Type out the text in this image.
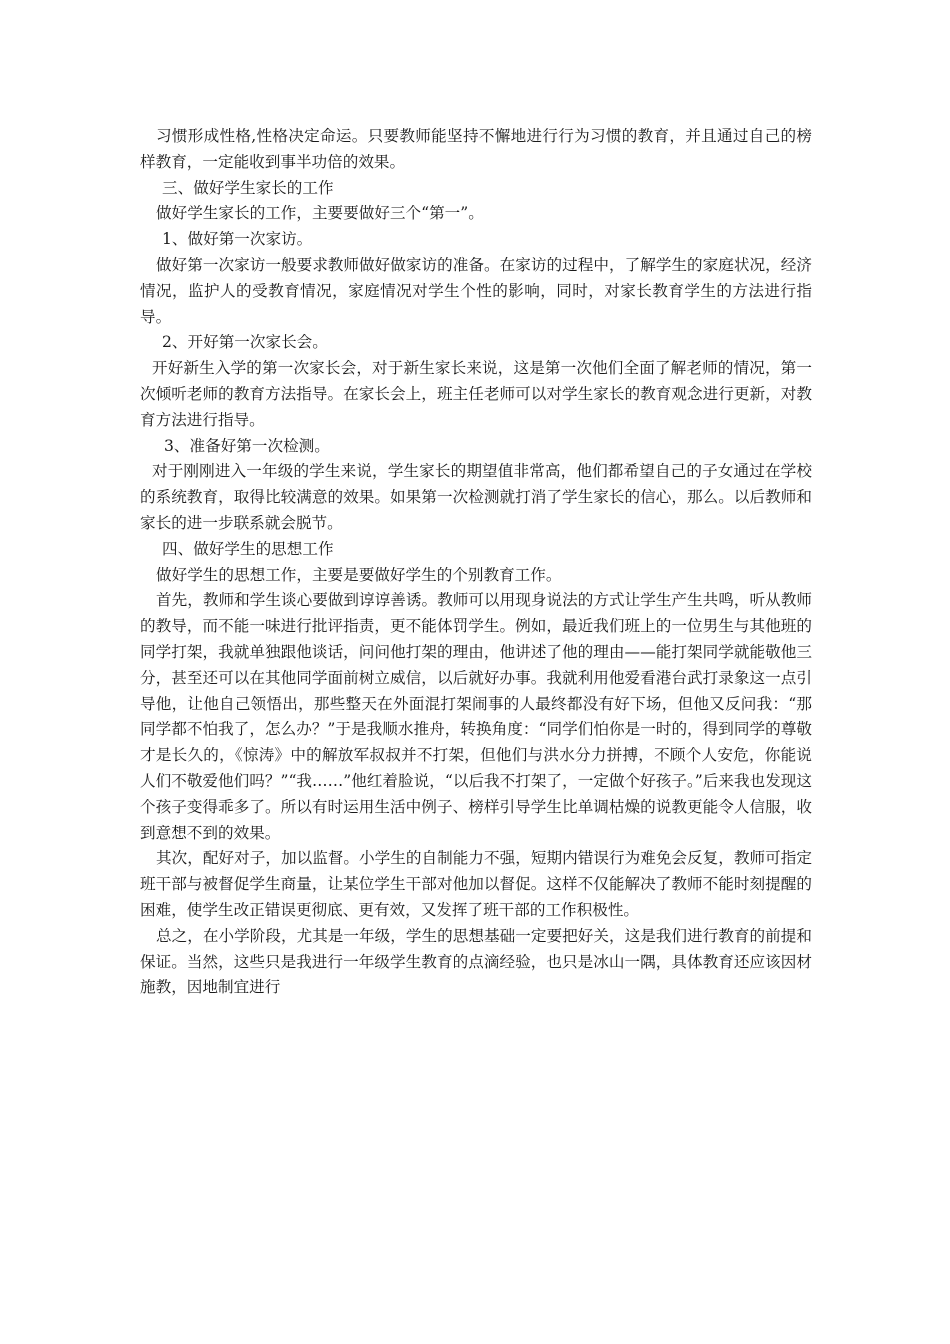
习惯形成性格,性格决定命运。只要教师能坚持不懈地进行行为习惯的教育，并且通过自己的榜样教育，一定能收到事半功倍的效果。

三、做好学生家长的工作

做好学生家长的工作，主要要做好三个“第一”。

1、做好第一次家访。

做好第一次家访一般要求教师做好做家访的准备。在家访的过程中，了解学生的家庭状况，经济情况，监护人的受教育情况，家庭情况对学生个性的影响，同时，对家长教育学生的方法进行指导。

2、开好第一次家长会。

开好新生入学的第一次家长会，对于新生家长来说，这是第一次他们全面了解老师的情况，第一次倾听老师的教育方法指导。在家长会上，班主任老师可以对学生家长的教育观念进行更新，对教育方法进行指导。

3、准备好第一次检测。

对于刚刚进入一年级的学生来说，学生家长的期望值非常高，他们都希望自己的子女通过在学校的系统教育，取得比较满意的效果。如果第一次检测就打消了学生家长的信心，那么。以后教师和家长的进一步联系就会脱节。

四、做好学生的思想工作

做好学生的思想工作，主要是要做好学生的个别教育工作。

首先，教师和学生谈心要做到谆谆善诱。教师可以用现身说法的方式让学生产生共鸣，听从教师的教导，而不能一味进行批评指责，更不能体罚学生。例如，最近我们班上的一位男生与其他班的同学打架，我就单独跟他谈话，问问他打架的理由，他讲述了他的理由——能打架同学就能敬他三分，甚至还可以在其他同学面前树立威信，以后就好办事。我就利用他爱看港台武打录象这一点引导他，让他自己领悟出，那些整天在外面混打架闹事的人最终都没有好下场，但他又反问我：“那同学都不怕我了，怎么办？”于是我顺水推舟，转换角度：“同学们怕你是一时的，得到同学的尊敬才是长久的，《惊涛》中的解放军叔叔并不打架，但他们与洪水分力拼搏，不顾个人安危，你能说人们不敬爱他们吗？”“我……”他红着脸说，“以后我不打架了，一定做个好孩子。”后来我也发现这个孩子变得乖多了。所以有时运用生活中例子、榜样引导学生比单调枯燥的说教更能令人信服，收到意想不到的效果。

其次，配好对子，加以监督。小学生的自制能力不强，短期内错误行为难免会反复，教师可指定班干部与被督促学生商量，让某位学生干部对他加以督促。这样不仅能解决了教师不能时刻提醒的困难，使学生改正错误更彻底、更有效，又发挥了班干部的工作积极性。

总之，在小学阶段，尤其是一年级，学生的思想基础一定要把好关，这是我们进行教育的前提和保证。当然，这些只是我进行一年级学生教育的点滴经验，也只是冰山一隅，具体教育还应该因材施教，因地制宜进行
